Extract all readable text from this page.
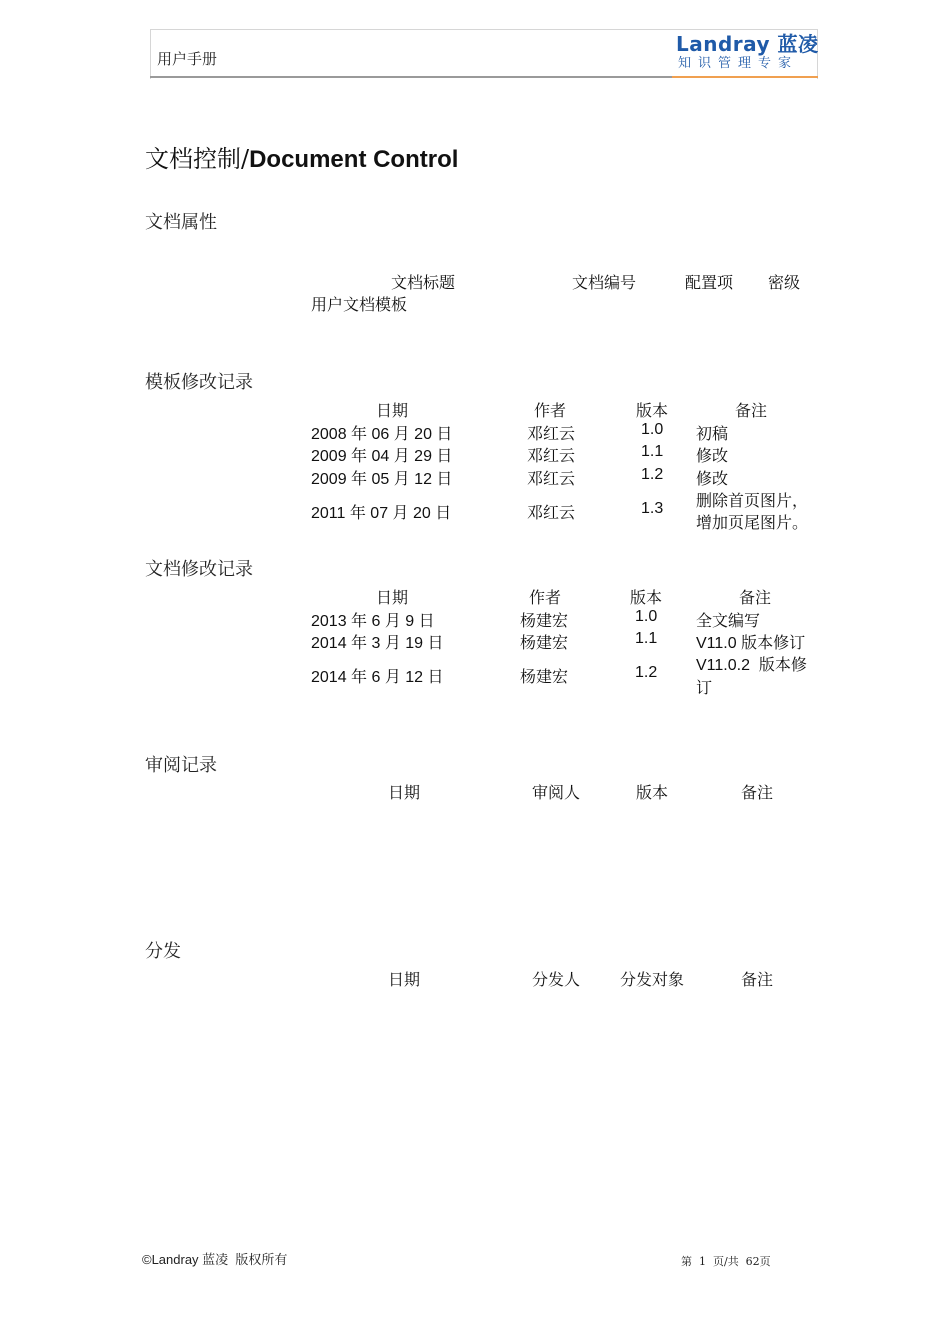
用户手册
Landray 蓝凌
知识管理专家
文档控制/Document Control
文档属性
文档标题	文档编号	配置项 密级
用户文档模板
模板修改记录
日期	作者	版本	备注
2008 年 06 月 20 日	邓红云	1.0 初稿
2009 年 04 月 29 日	邓红云	1.1 修改
2009 年 05 月 12 日	邓红云	1.2 修改
2011 年 07 月 20 日	邓红云	1.3 删除首页图片，
增加页尾图片。
文档修改记录
日期	作者	版本	备注
2013 年 6 月 9 日	杨建宏	1.0 全文编写
2014 年 3 月 19 日	杨建宏	1.1 V11.0 版本修订
2014 年 6 月 12 日	杨建宏	1.2 V11.0.2  版本修
订
审阅记录
日期	审阅人	版本	备注
分发
日期	分发人 分发对象	备注
©Landray 蓝凌  版权所有	第  1  页/共  62页
